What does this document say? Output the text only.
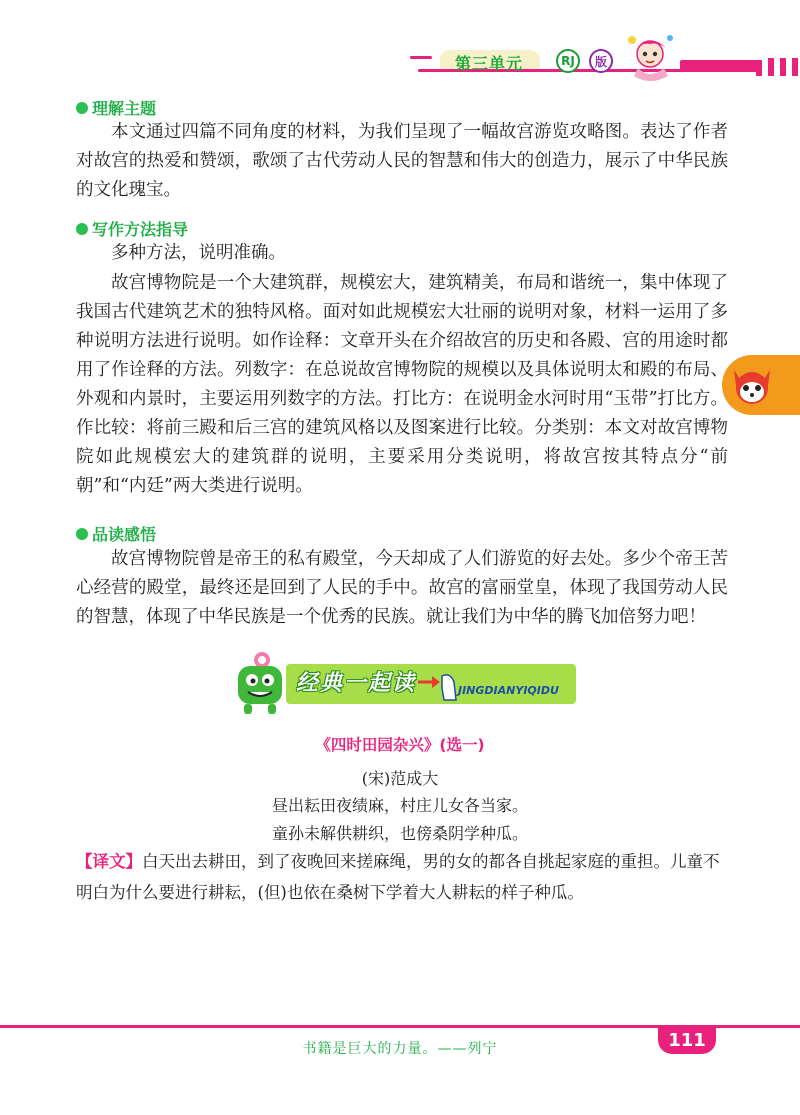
第三单元	RJ	版
理解主题

本文通过四篇不同角度的材料，为我们呈现了一幅故宫游览攻略图。表达了作者对故宫的热爱和赞颂，歌颂了古代劳动人民的智慧和伟大的创造力，展示了中华民族的文化瑰宝。

写作方法指导

多种方法，说明准确。

故宫博物院是一个大建筑群，规模宏大，建筑精美，布局和谐统一，集中体现了我国古代建筑艺术的独特风格。面对如此规模宏大壮丽的说明对象，材料一运用了多种说明方法进行说明。如作诠释：文章开头在介绍故宫的历史和各殿、宫的用途时都用了作诠释的方法。列数字：在总说故宫博物院的规模以及具体说明太和殿的布局、外观和内景时，主要运用列数字的方法。打比方：在说明金水河时用“玉带”打比方。作比较：将前三殿和后三宫的建筑风格以及图案进行比较。分类别：本文对故宫博物院如此规模宏大的建筑群的说明，主要采用分类说明，将故宫按其特点分“前朝”和“内廷”两大类进行说明。

品读感悟

故宫博物院曾是帝王的私有殿堂，今天却成了人们游览的好去处。多少个帝王苦心经营的殿堂，最终还是回到了人民的手中。故宫的富丽堂皇，体现了我国劳动人民的智慧，体现了中华民族是一个优秀的民族。就让我们为中华的腾飞加倍努力吧！

经典一起读	JINGDIANYIQIDU
《四时田园杂兴》(选一)
(宋)范成大
昼出耘田夜绩麻，村庄儿女各当家。
童孙未解供耕织，也傍桑阴学种瓜。

【译文】白天出去耕田，到了夜晚回来搓麻绳，男的女的都各自挑起家庭的重担。儿童不明白为什么要进行耕耘，(但)也依在桑树下学着大人耕耘的样子种瓜。

书籍是巨大的力量。——列宁	111
